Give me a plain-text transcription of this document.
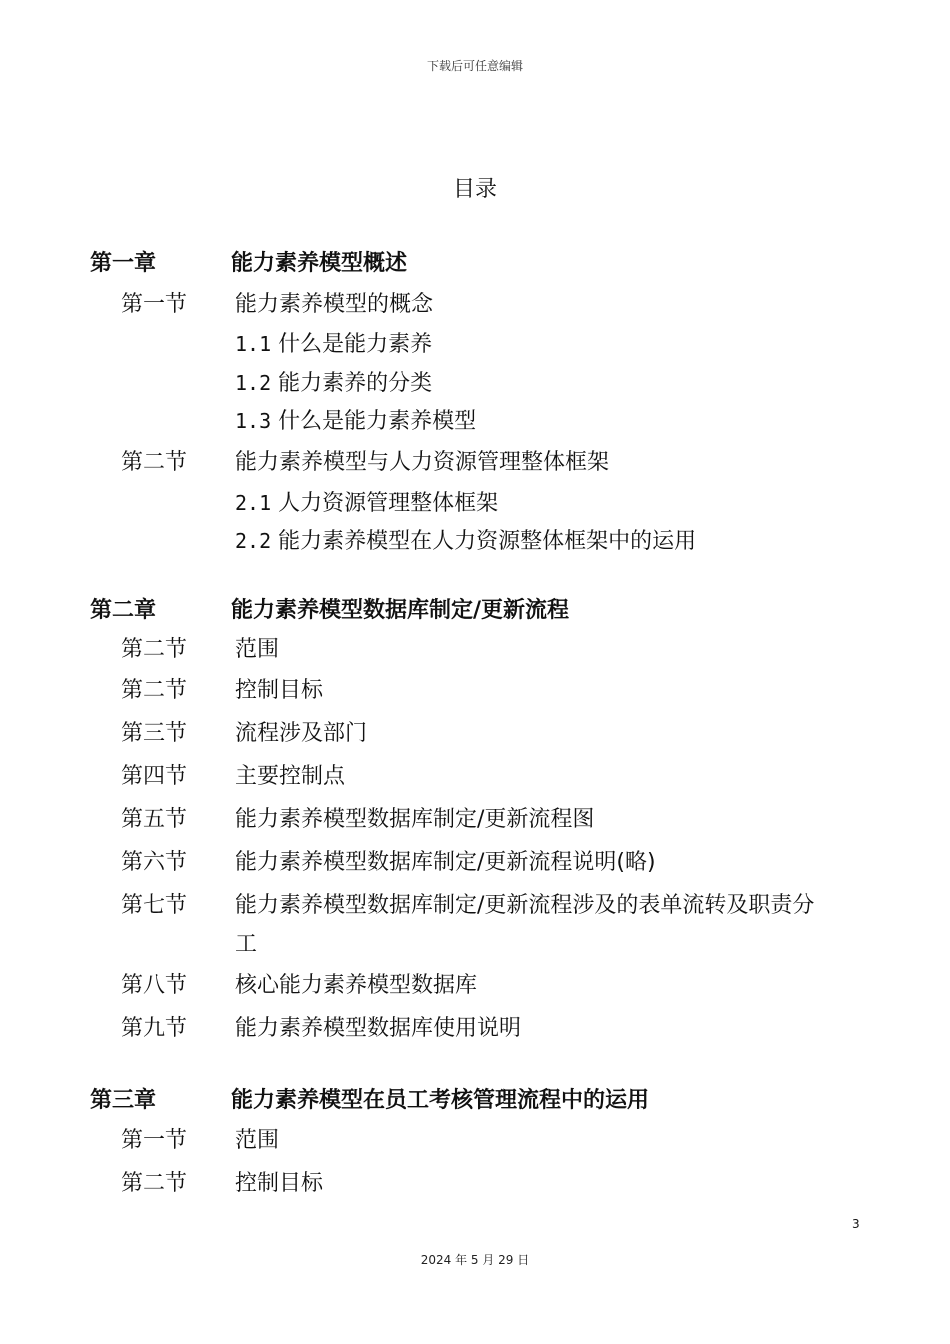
下载后可任意编辑
目录
第一章	能力素养模型概述
第一节 能力素养模型的概念
1.1 什么是能力素养
1.2 能力素养的分类
1.3 什么是能力素养模型
第二节 能力素养模型与人力资源管理整体框架
2.1 人力资源管理整体框架
2.2 能力素养模型在人力资源整体框架中的运用
第二章	能力素养模型数据库制定/更新流程
第二节 范围
第二节 控制目标
第三节 流程涉及部门
第四节 主要控制点
第五节 能力素养模型数据库制定/更新流程图
第六节 能力素养模型数据库制定/更新流程说明(略)
第七节 能力素养模型数据库制定/更新流程涉及的表单流转及职责分
工
第八节 核心能力素养模型数据库
第九节 能力素养模型数据库使用说明
第三章	能力素养模型在员工考核管理流程中的运用
第一节 范围
第二节 控制目标
3
2024 年 5 月 29 日
